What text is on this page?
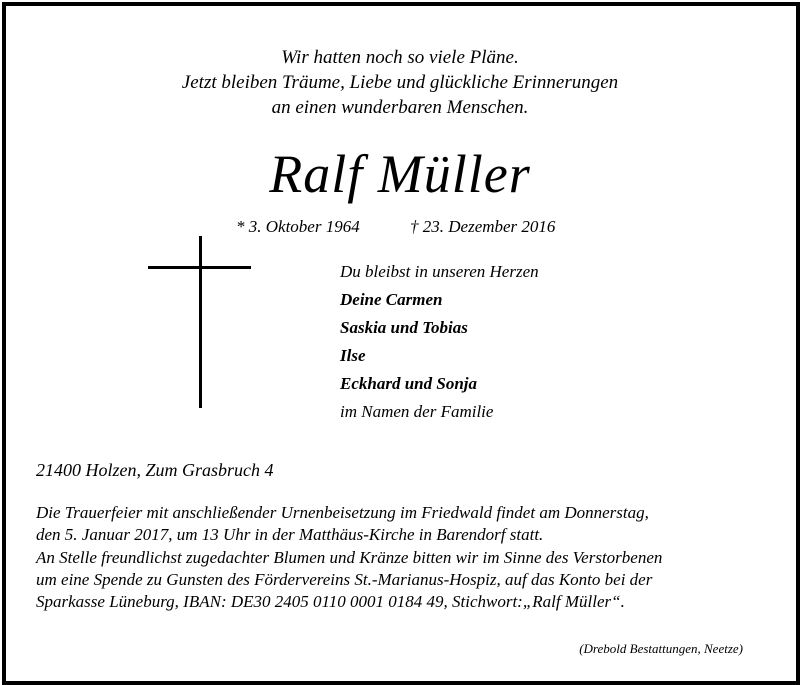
Wir hatten noch so viele Pläne.
Jetzt bleiben Träume, Liebe und glückliche Erinnerungen
an einen wunderbaren Menschen.
Ralf Müller
* 3. Oktober 1964	† 23. Dezember 2016
Du bleibst in unseren Herzen
Deine Carmen
Saskia und Tobias
Ilse
Eckhard und Sonja
im Namen der Familie
21400 Holzen, Zum Grasbruch 4
Die Trauerfeier mit anschließender Urnenbeisetzung im Friedwald findet am Donnerstag,
den 5. Januar 2017, um 13 Uhr in der Matthäus-Kirche in Barendorf statt.
An Stelle freundlichst zugedachter Blumen und Kränze bitten wir im Sinne des Verstorbenen
um eine Spende zu Gunsten des Fördervereins St.-Marianus-Hospiz, auf das Konto bei der
Sparkasse Lüneburg, IBAN: DE30 2405 0110 0001 0184 49, Stichwort:„Ralf Müller“.
(Drebold Bestattungen, Neetze)
